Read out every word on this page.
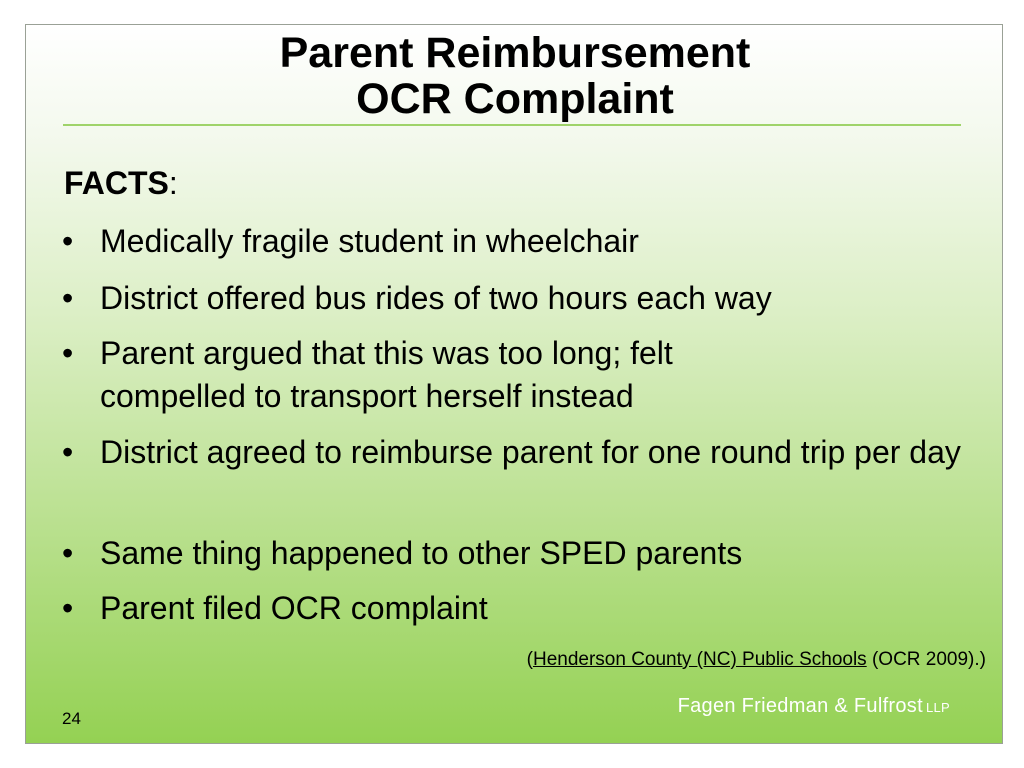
Parent Reimbursement
OCR Complaint
FACTS:
• Medically fragile student in wheelchair
• District offered bus rides of two hours each way
• Parent argued that this was too long; felt compelled to transport herself instead
• District agreed to reimburse parent for one round trip per day
• Same thing happened to other SPED parents
• Parent filed OCR complaint
(Henderson County (NC) Public Schools (OCR 2009).)
24
Fagen Friedman & Fulfrost LLP
